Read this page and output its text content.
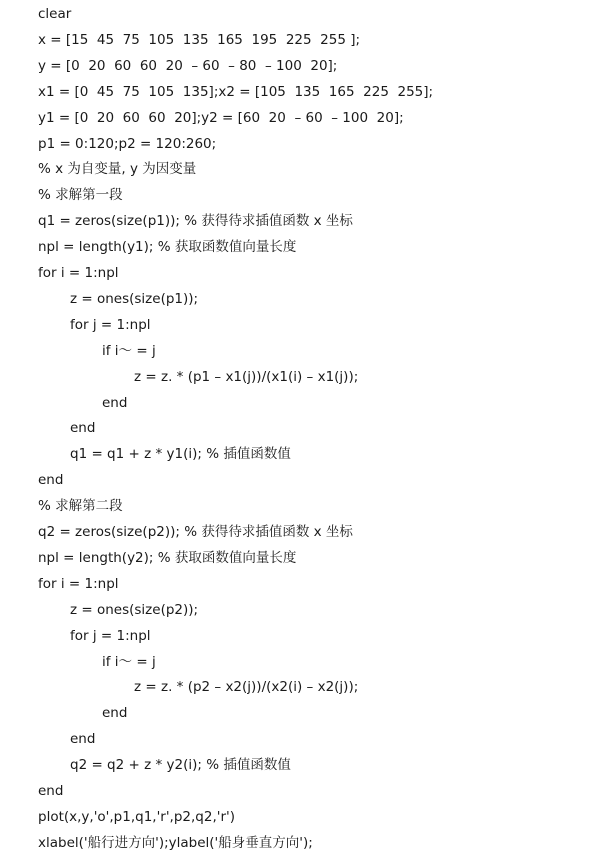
clear
x = [15  45  75  105  135  165  195  225  255 ];
y = [0  20  60  60  20  – 60  – 80  – 100  20];
x1 = [0  45  75  105  135];x2 = [105  135  165  225  255];
y1 = [0  20  60  60  20];y2 = [60  20  – 60  – 100  20];
p1 = 0:120;p2 = 120:260;
% x 为自变量, y 为因变量
% 求解第一段
q1 = zeros(size(p1)); % 获得待求插值函数 x 坐标
npl = length(y1); % 获取函数值向量长度
for i = 1:npl
z = ones(size(p1));
for j = 1:npl
if i～ = j
z = z. * (p1 – x1(j))/(x1(i) – x1(j));
end
end
q1 = q1 + z * y1(i); % 插值函数值
end
% 求解第二段
q2 = zeros(size(p2)); % 获得待求插值函数 x 坐标
npl = length(y2); % 获取函数值向量长度
for i = 1:npl
z = ones(size(p2));
for j = 1:npl
if i～ = j
z = z. * (p2 – x2(j))/(x2(i) – x2(j));
end
end
q2 = q2 + z * y2(i); % 插值函数值
end
plot(x,y,'o',p1,q1,'r',p2,q2,'r')
xlabel('船行进方向');ylabel('船身垂直方向');
